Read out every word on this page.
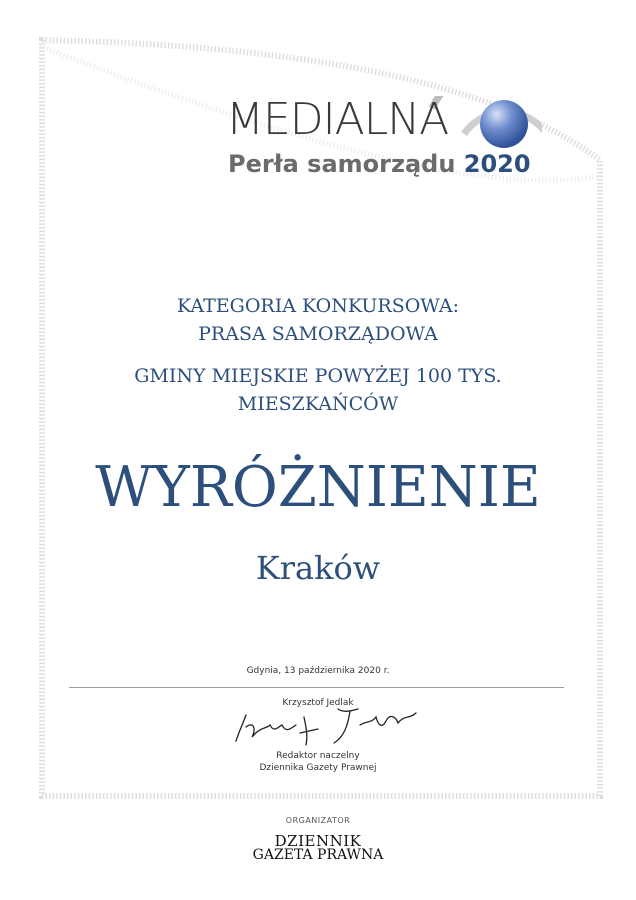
MEDIALNA
Perła samorządu 2020
KATEGORIA KONKURSOWA:
PRASA SAMORZĄDOWA
GMINY MIEJSKIE POWYŻEJ 100 TYS.
MIESZKAŃCÓW
WYRÓŻNIENIE
Kraków
Gdynia, 13 października 2020 r.
Krzysztof Jedlak
Redaktor naczelny
Dziennika Gazety Prawnej
ORGANIZATOR
DZIENNIK
GAZETA PRAWNA
